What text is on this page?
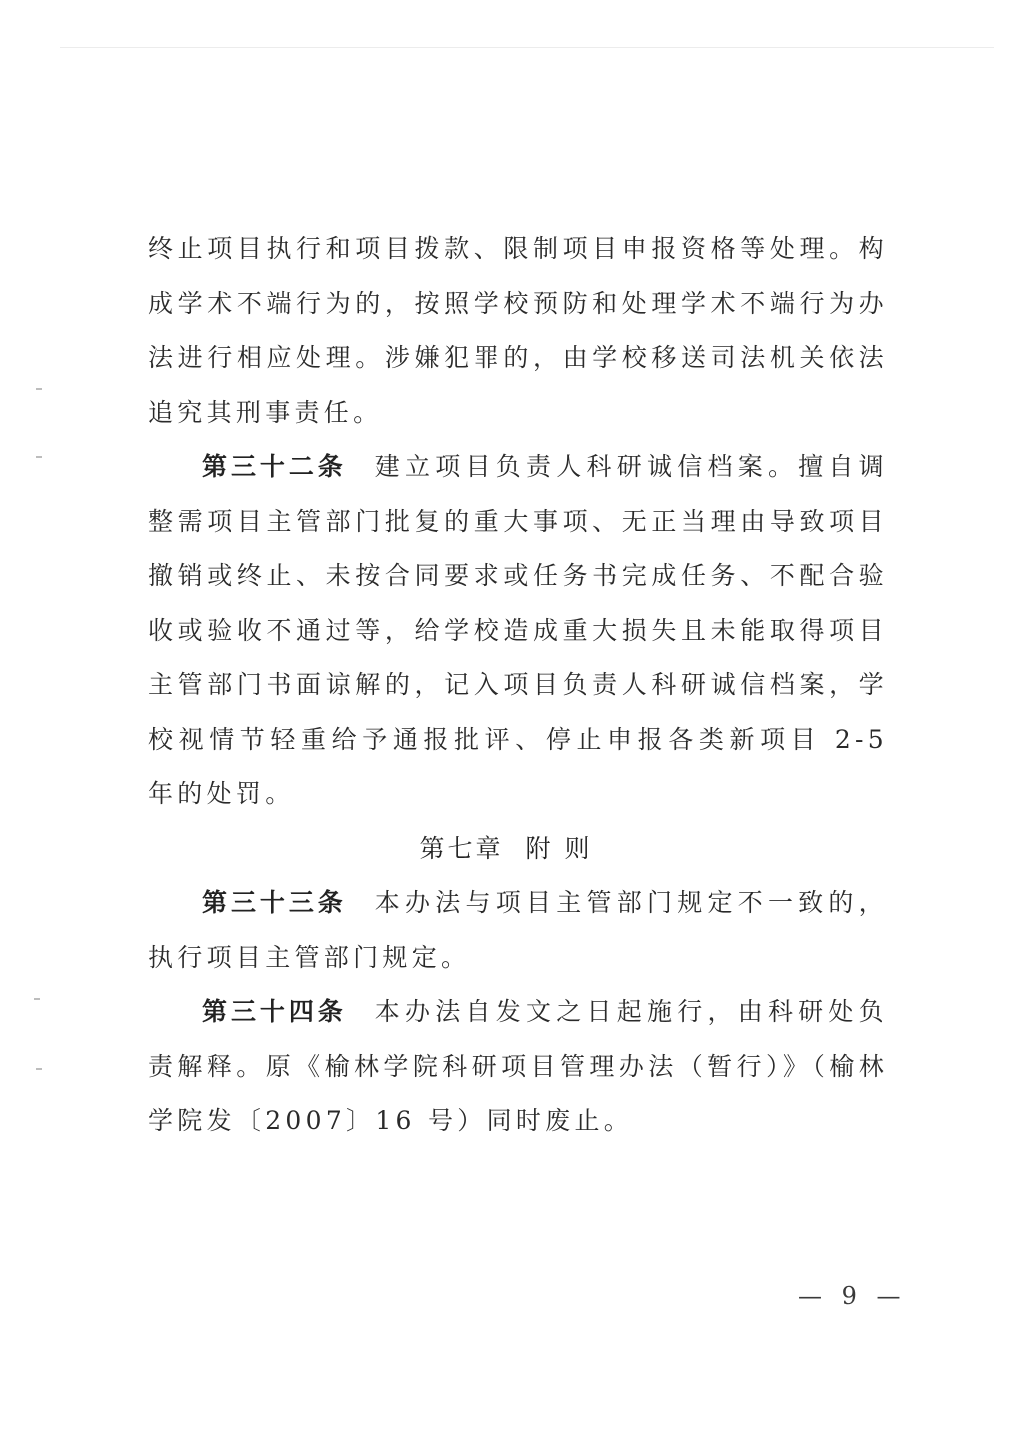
终止项目执行和项目拨款、限制项目申报资格等处理。构成学术不端行为的，按照学校预防和处理学术不端行为办法进行相应处理。涉嫌犯罪的，由学校移送司法机关依法追究其刑事责任。

第三十二条 建立项目负责人科研诚信档案。擅自调整需项目主管部门批复的重大事项、无正当理由导致项目撤销或终止、未按合同要求或任务书完成任务、不配合验收或验收不通过等，给学校造成重大损失且未能取得项目主管部门书面谅解的，记入项目负责人科研诚信档案，学校视情节轻重给予通报批评、停止申报各类新项目 2-5 年的处罚。

第七章 附 则

第三十三条 本办法与项目主管部门规定不一致的，执行项目主管部门规定。

第三十四条 本办法自发文之日起施行，由科研处负责解释。原《榆林学院科研项目管理办法（暂行）》（榆林学院发〔2007〕16 号）同时废止。

— 9 —
